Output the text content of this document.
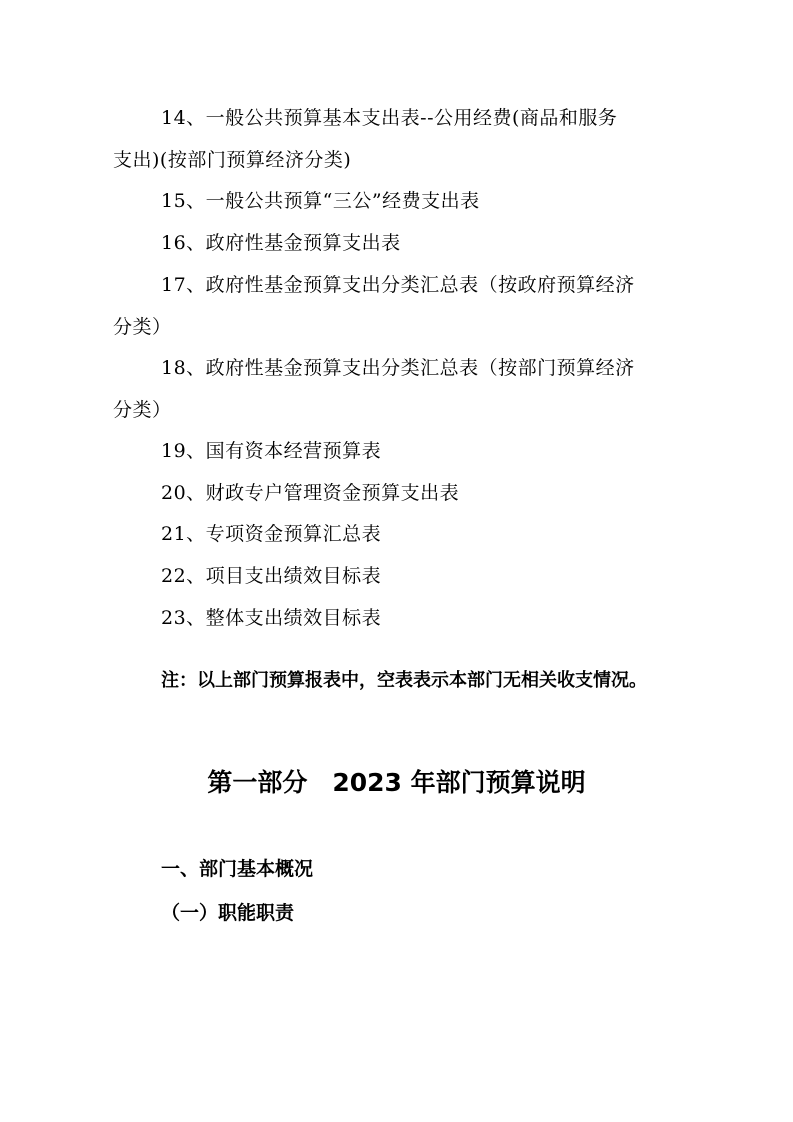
14、一般公共预算基本支出表--公用经费(商品和服务
支出)(按部门预算经济分类)
15、一般公共预算“三公”经费支出表
16、政府性基金预算支出表
17、政府性基金预算支出分类汇总表（按政府预算经济
分类）
18、政府性基金预算支出分类汇总表（按部门预算经济
分类）
19、国有资本经营预算表
20、财政专户管理资金预算支出表
21、专项资金预算汇总表
22、项目支出绩效目标表
23、整体支出绩效目标表
注：以上部门预算报表中，空表表示本部门无相关收支情况。
第一部分　2023 年部门预算说明
一、部门基本概况
（一）职能职责
